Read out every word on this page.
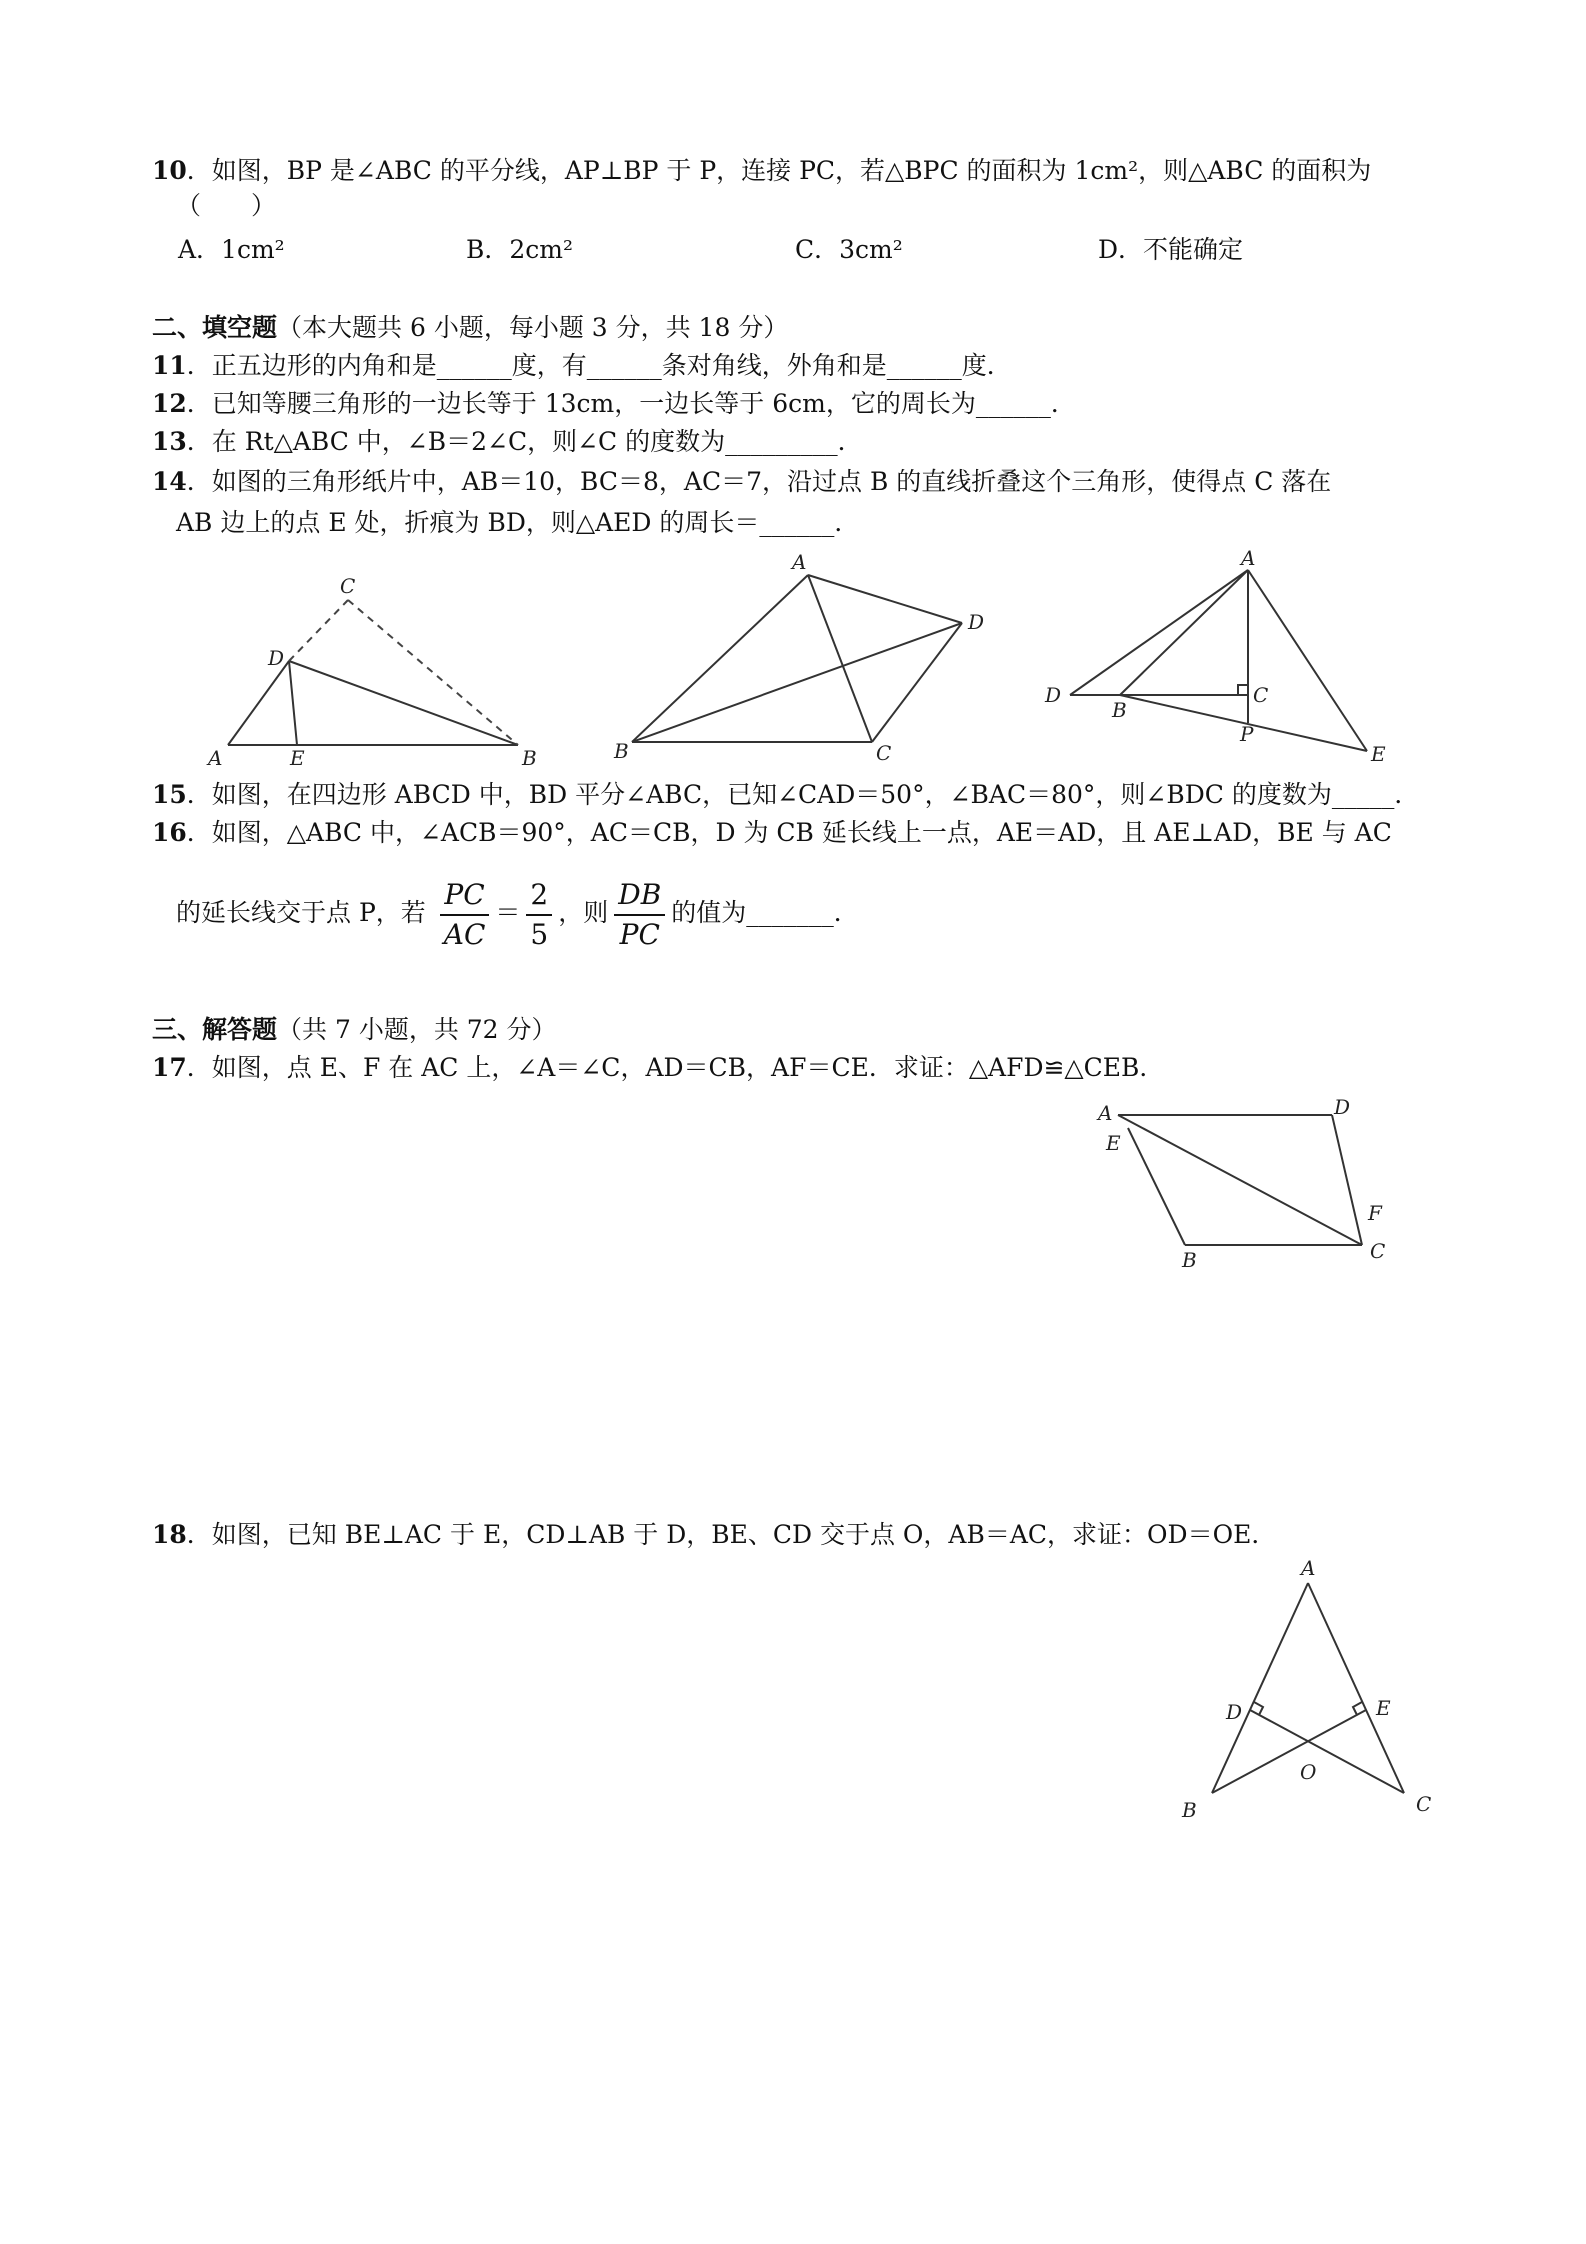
10．如图，BP 是∠ABC 的平分线，AP⊥BP 于 P，连接 PC，若△BPC 的面积为 1cm²，则△ABC 的面积为
（　　）
A．1cm²	B．2cm²	C．3cm²	D．不能确定
二、填空题（本大题共 6 小题，每小题 3 分，共 18 分）
11．正五边形的内角和是______度，有______条对角线，外角和是______度．
12．已知等腰三角形的一边长等于 13cm，一边长等于 6cm，它的周长为______．
13．在 Rt△ABC 中，∠B＝2∠C，则∠C 的度数为_________．
14．如图的三角形纸片中，AB＝10，BC＝8，AC＝7，沿过点 B 的直线折叠这个三角形，使得点 C 落在
AB 边上的点 E 处，折痕为 BD，则△AED 的周长＝______．
C
D
A	E	B
A
D
B	C
A
D
B
C
P
E
15．如图，在四边形 ABCD 中，BD 平分∠ABC，已知∠CAD＝50°，∠BAC＝80°，则∠BDC 的度数为_____．
16．如图，△ABC 中，∠ACB＝90°，AC＝CB，D 为 CB 延长线上一点，AE＝AD，且 AE⊥AD，BE 与 AC
的延长线交于点 P，若 $\frac{PC}{AC} = \frac{2}{5}$ ，则 $\frac{DB}{PC}$ 的值为_______．
三、解答题（共 7 小题，共 72 分）
17．如图，点 E、F 在 AC 上，∠A＝∠C，AD＝CB，AF＝CE．求证：△AFD≌△CEB．
A	D
E
F
B	C
18．如图，已知 BE⊥AC 于 E，CD⊥AB 于 D，BE、CD 交于点 O，AB＝AC，求证：OD＝OE．
A
D	E
O
B	C
